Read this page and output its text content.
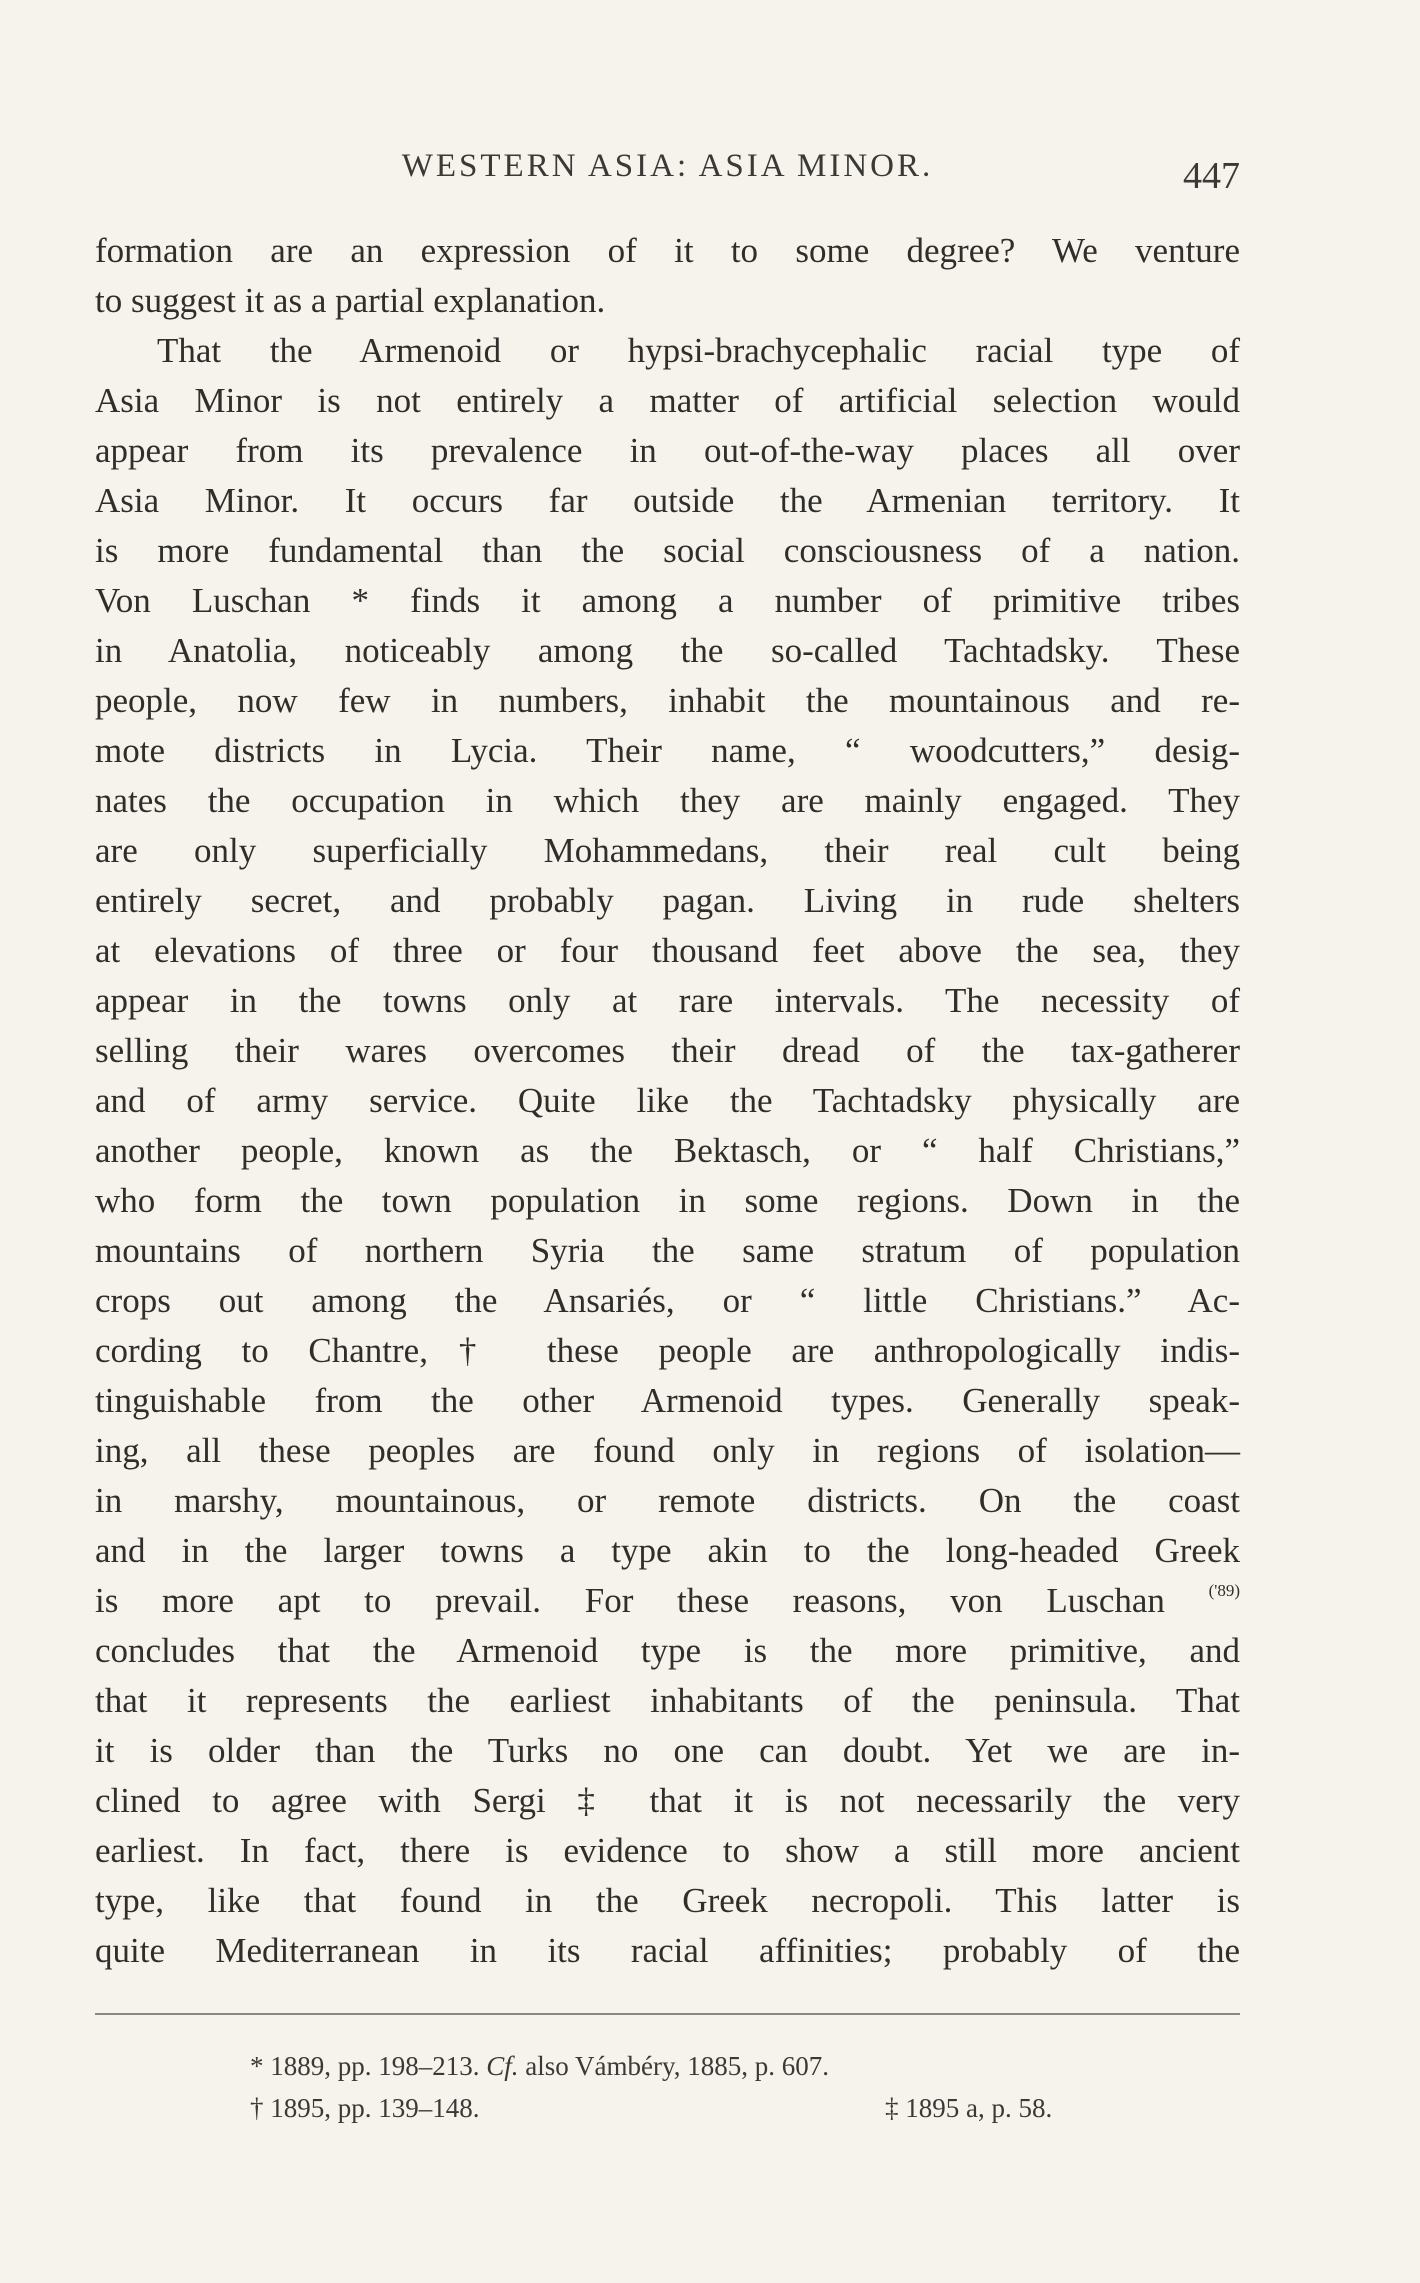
WESTERN ASIA: ASIA MINOR.	447
formation are an expression of it to some degree? We venture
to suggest it as a partial explanation.
That the Armenoid or hypsi-brachycephalic racial type of
Asia Minor is not entirely a matter of artificial selection would
appear from its prevalence in out-of-the-way places all over
Asia Minor. It occurs far outside the Armenian territory. It
is more fundamental than the social consciousness of a nation.
Von Luschan * finds it among a number of primitive tribes
in Anatolia, noticeably among the so-called Tachtadsky. These
people, now few in numbers, inhabit the mountainous and re-
mote districts in Lycia. Their name, “ woodcutters,” desig-
nates the occupation in which they are mainly engaged. They
are only superficially Mohammedans, their real cult being
entirely secret, and probably pagan. Living in rude shelters
at elevations of three or four thousand feet above the sea, they
appear in the towns only at rare intervals. The necessity of
selling their wares overcomes their dread of the tax-gatherer
and of army service. Quite like the Tachtadsky physically are
another people, known as the Bektasch, or “ half Christians,”
who form the town population in some regions. Down in the
mountains of northern Syria the same stratum of population
crops out among the Ansariés, or “ little Christians.” Ac-
cording to Chantre,† these people are anthropologically indis-
tinguishable from the other Armenoid types. Generally speak-
ing, all these peoples are found only in regions of isolation—
in marshy, mountainous, or remote districts. On the coast
and in the larger towns a type akin to the long-headed Greek
is more apt to prevail. For these reasons, von Luschan	$^{('89)}$
concludes that the Armenoid type is the more primitive, and
that it represents the earliest inhabitants of the peninsula. That
it is older than the Turks no one can doubt. Yet we are in-
clined to agree with Sergi ‡ that it is not necessarily the very
earliest. In fact, there is evidence to show a still more ancient
type, like that found in the Greek necropoli. This latter is
quite Mediterranean in its racial affinities; probably of the
* 1889, pp. 198–213. Cf. also Vámbéry, 1885, p. 607.
† 1895, pp. 139–148.	‡ 1895 a, p. 58.
